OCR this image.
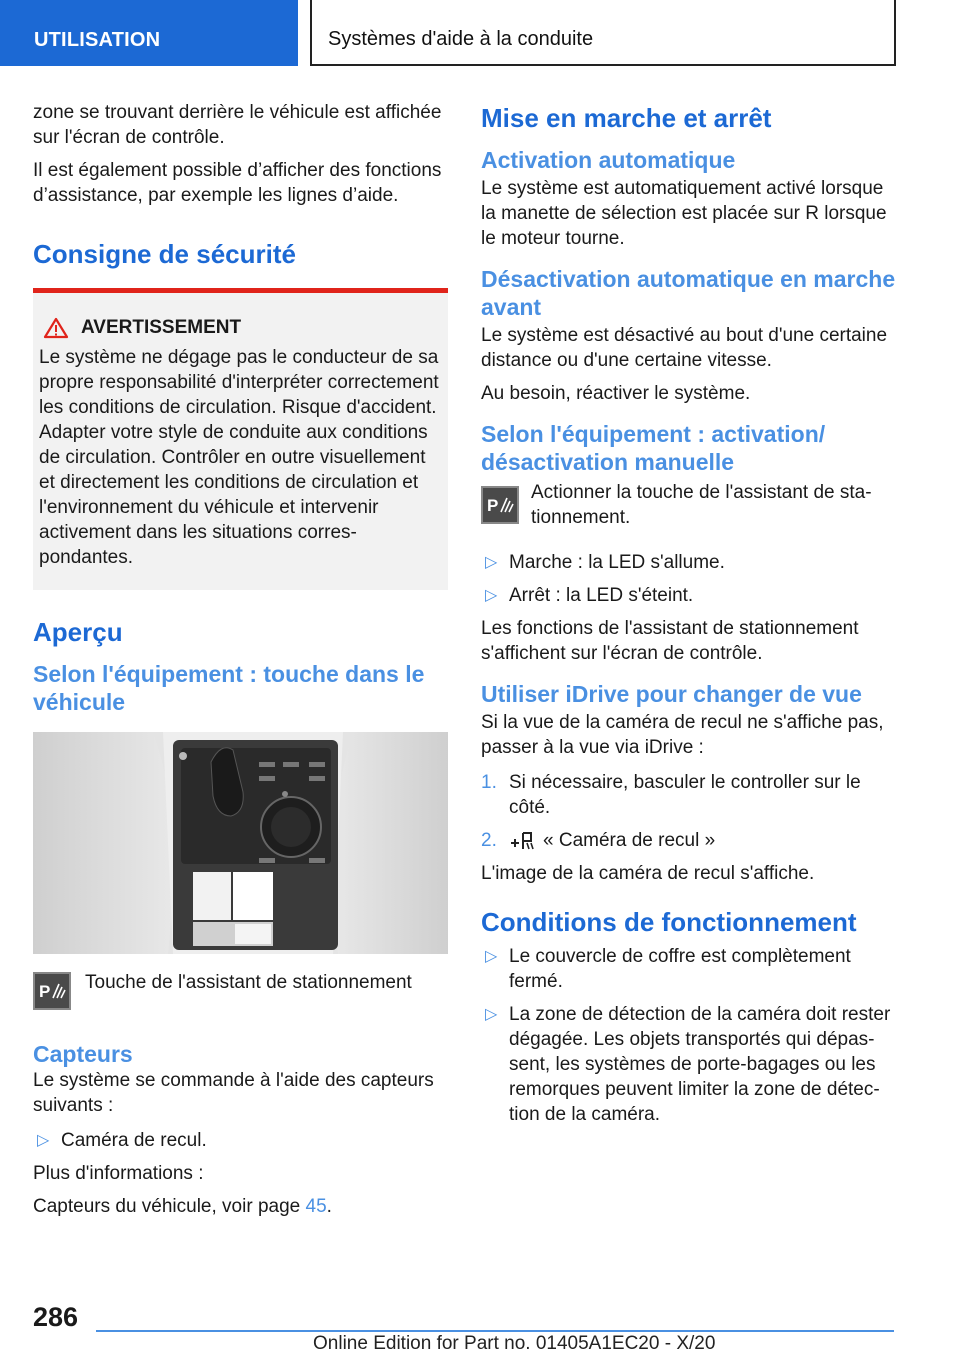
UTILISATION	Systèmes d'aide à la conduite

zone se trouvant derrière le véhicule est affichée sur l'écran de contrôle.

Il est également possible d’afficher des fonctions d’assistance, par exemple les lignes d’aide.

Consigne de sécurité
AVERTISSEMENT

Le système ne dégage pas le conducteur de sa propre responsabilité d'interpréter correctement les conditions de circulation. Risque d'accident. Adapter votre style de conduite aux conditions de circulation. Contrôler en outre visuellement et directement les conditions de circulation et l'environnement du véhicule et intervenir activement dans les situations correspondantes.

Aperçu
Selon l'équipement : touche dans le véhicule
P Touche de l'assistant de stationnement

Capteurs

Le système se commande à l'aide des capteurs suivants :

▷ Caméra de recul.

Plus d'informations :

Capteurs du véhicule, voir page 45.

Mise en marche et arrêt
Activation automatique

Le système est automatiquement activé lorsque la manette de sélection est placée sur R lorsque le moteur tourne.

Désactivation automatique en marche avant

Le système est désactivé au bout d'une certaine distance ou d'une certaine vitesse.

Au besoin, réactiver le système.

Selon l'équipement : activation/ désactivation manuelle
P

Actionner la touche de l'assistant de stationnement.

▷ Marche : la LED s'allume.
▷ Arrêt : la LED s'éteint.

Les fonctions de l'assistant de stationnement s'affichent sur l'écran de contrôle.

Utiliser iDrive pour changer de vue

Si la vue de la caméra de recul ne s'affiche pas, passer à la vue via iDrive :

1. Si nécessaire, basculer le controller sur le côté.
2.	« Caméra de recul »

L'image de la caméra de recul s'affiche.

Conditions de fonctionnement
▷ Le couvercle de coffre est complètement fermé.
▷ La zone de détection de la caméra doit rester dégagée. Les objets transportés qui dépassent, les systèmes de porte-bagages ou les remorques peuvent limiter la zone de détection de la caméra.
286
Online Edition for Part no. 01405A1EC20 - X/20
